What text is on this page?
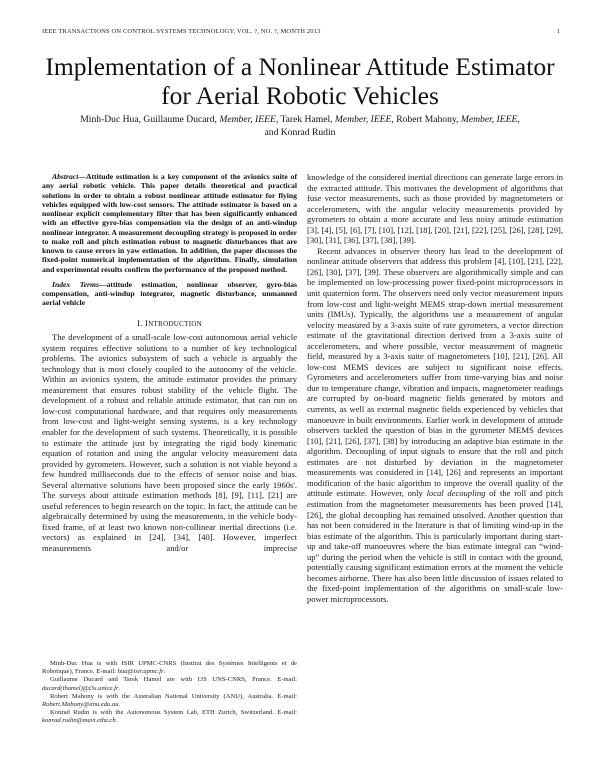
IEEE TRANSACTIONS ON CONTROL SYSTEMS TECHNOLOGY, VOL. ?, NO. ?, MONTH 2013	1
Implementation of a Nonlinear Attitude Estimator
for Aerial Robotic Vehicles
Minh-Duc Hua, Guillaume Ducard, Member, IEEE, Tarek Hamel, Member, IEEE, Robert Mahony, Member, IEEE,
and Konrad Rudin

Abstract—Attitude estimation is a key component of the avionics suite of any aerial robotic vehicle. This paper details theoretical and practical solutions in order to obtain a robust nonlinear attitude estimator for flying vehicles equipped with low-cost sensors. The attitude estimator is based on a nonlinear explicit complementary filter that has been significantly enhanced with an effective gyro-bias compensation via the design of an anti-windup nonlinear integrator. A measurement decoupling strategy is proposed in order to make roll and pitch estimation robust to magnetic disturbances that are known to cause errors in yaw estimation. In addition, the paper discusses the fixed-point numerical implementation of the algorithm. Finally, simulation and experimental results confirm the performance of the proposed method.

Index Terms—attitude estimation, nonlinear observer, gyro-bias compensation, anti-windup integrator, magnetic disturbance, unmanned aerial vehicle

I. INTRODUCTION

The development of a small-scale low-cost autonomous aerial vehicle system requires effective solutions to a number of key technological problems. The avionics subsystem of such a vehicle is arguably the technology that is most closely coupled to the autonomy of the vehicle. Within an avionics system, the attitude estimator provides the primary measurement that ensures robust stability of the vehicle flight. The development of a robust and reliable attitude estimator, that can run on low-cost computational hardware, and that requires only measurements from low-cost and light-weight sensing systems, is a key technology enabler for the development of such systems. Theoretically, it is possible to estimate the attitude just by integrating the rigid body kinematic equation of rotation and using the angular velocity measurement data provided by gyrometers. However, such a solution is not viable beyond a few hundred milliseconds due to the effects of sensor noise and bias. Several alternative solutions have been proposed since the early 1960s'. The surveys about attitude estimation methods [8], [9], [11], [21] are useful references to begin research on the topic. In fact, the attitude can be algebraically determined by using the measurements, in the vehicle body-fixed frame, of at least two known non-collinear inertial directions (i.e. vectors) as explained in [24], [34], [40]. However, imperfect measurements and/or imprecise

knowledge of the considered inertial directions can generate large errors in the extracted attitude. This motivates the development of algorithms that fuse vector measurements, such as those provided by magnetometers or accelerometers, with the angular velocity measurements provided by gyrometers to obtain a more accurate and less noisy attitude estimation [3], [4], [5], [6], [7], [10], [12], [18], [20], [21], [22], [25], [26], [28], [29], [30], [31], [36], [37], [38], [39].

Recent advances in observer theory has lead to the development of nonlinear attitude observers that address this problem [4], [10], [21], [22], [26], [30], [37], [39]. These observers are algorithmically simple and can be implemented on low-processing power fixed-point microprocessors in unit quaternion form. The observers need only vector measurement inputs from low-cost and light-weight MEMS strap-down inertial measurement units (IMUs). Typically, the algorithms use a measurement of angular velocity measured by a 3-axis suite of rate gyrometers, a vector direction estimate of the gravitational direction derived from a 3-axis suite of accelerometers, and where possible, vector measurement of magnetic field, measured by a 3-axis suite of magnetometers [10], [21], [26]. All low-cost MEMS devices are subject to significant noise effects. Gyrometers and accelerometers suffer from time-varying bias and noise due to temperature change, vibration and impacts, magnetometer readings are corrupted by on-board magnetic fields generated by motors and currents, as well as external magnetic fields experienced by vehicles that manoeuvre in built environments. Earlier work in development of attitude observers tackled the question of bias in the gyrometer MEMS devices [10], [21], [26], [37], [38] by introducing an adaptive bias estimate in the algorithm. Decoupling of input signals to ensure that the roll and pitch estimates are not disturbed by deviation in the magnetometer measurements was considered in [14], [26] and represents an important modification of the basic algorithm to improve the overall quality of the attitude estimate. However, only local decoupling of the roll and pitch estimation from the magnetometer measurements has been proved [14], [26], the global decoupling has remained unsolved. Another question that has not been considered in the literature is that of limiting wind-up in the bias estimate of the algorithm. This is particularly important during start-up and take-off manoeuvres where the bias estimate integral can “wind-up” during the period when the vehicle is still in contact with the ground, potentially causing significant estimation errors at the moment the vehicle becomes airborne. There has also been little discussion of issues related to the fixed-point implementation of the algorithms on small-scale low-power microprocessors.

Minh-Duc Hua is with ISIR UPMC-CNRS (Institut des Systèmes Intelligents et de Robotique), France. E-mail: hua@isir.upmc.fr.

Guillaume Ducard and Tarek Hamel are with I3S UNS-CNRS, France. E-mail: ducard(thamel)@i3s.unice.fr.

Robert Mahony is with the Australian National University (ANU), Australia. E-mail: Robert.Mahony@anu.edu.au.

Konrad Rudin is with the Autonomous System Lab, ETH Zurich, Switzerland. E-mail: konrad.rudin@mavt.ethz.ch.
